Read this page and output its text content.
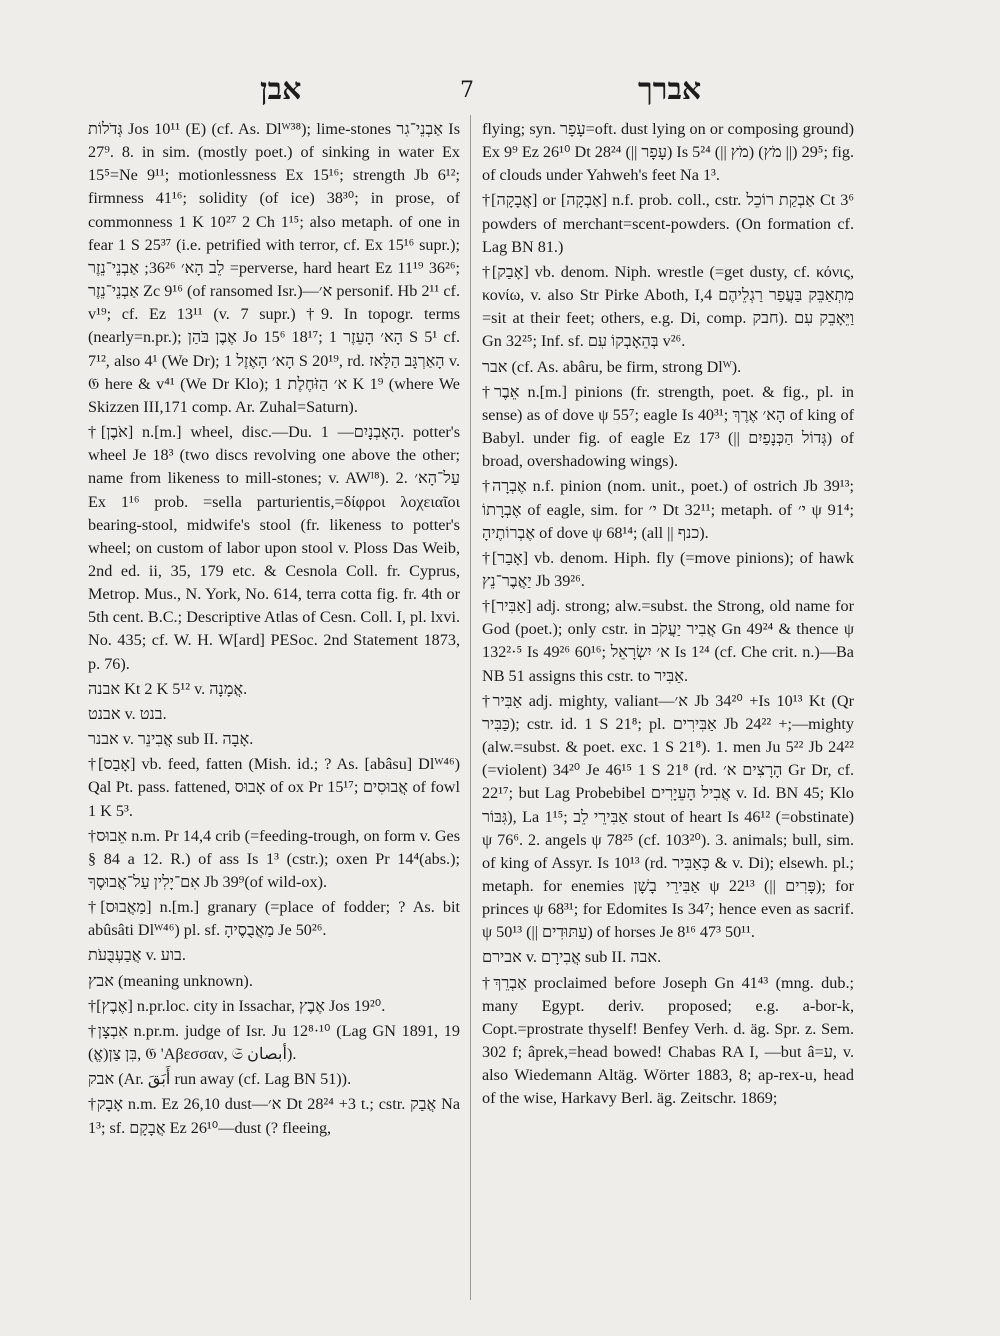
אבן	7	אברך

גְּדֹלוֹת Jos 10¹¹ (E) (cf. As. Dlᵂ³⁸); lime-stones אַבְנֵי־גִר Is 27⁹. 8. in sim. (mostly poet.) of sinking in water Ex 15⁵=Ne 9¹¹; motionlessness Ex 15¹⁶; strength Jb 6¹²; firmness 41¹⁶; solidity (of ice) 38³⁰; in prose, of commonness 1 K 10²⁷ 2 Ch 1¹⁵; also metaph. of one in fear 1 S 25³⁷ (i.e. petrified with terror, cf. Ex 15¹⁶ supr.); לֵב הָא׳ 36²⁶; אַבְנֵי־נֵזֶר =perverse, hard heart Ez 11¹⁹ 36²⁶; אַבְנֵי־נֵזֶר Zc 9¹⁶ (of ransomed Isr.)—א׳ personif. Hb 2¹¹ cf. v¹⁹; cf. Ez 13¹¹ (v. 7 supr.) †9. In topogr. terms (nearly=n.pr.); אֶבֶן בֹּהַן Jo 15⁶ 18¹⁷; הָא׳ הָעֵזֶר 1 S 5¹ cf. 7¹², also 4¹ (We Dr); הָא׳ הָאֶזֶל 1 S 20¹⁹, rd. הָאַרְגָּב הַלָּאז v. 𝔊 here & v⁴¹ (We Dr Klo); א׳ הַזֹּחֶלֶת 1 K 1⁹ (where We Skizzen III,171 comp. Ar. Zuhal=Saturn).

†[אֹבֶן] n.[m.] wheel, disc.—Du. הָאָבְנָיִם— 1. potter's wheel Je 18³ (two discs revolving one above the other; name from likeness to mill-stones; v. AWᴵ⁸). 2. עַל־הָא׳ Ex 1¹⁶ prob. =sella parturientis,=δίφροι λοχειαῖοι bearing-stool, midwife's stool (fr. likeness to potter's wheel; on custom of labor upon stool v. Ploss Das Weib, 2nd ed. ii, 35, 179 etc. & Cesnola Coll. fr. Cyprus, Metrop. Mus., N. York, No. 614, terra cotta fig. fr. 4th or 5th cent. B.C.; Descriptive Atlas of Cesn. Coll. I, pl. lxvi. No. 435; cf. W. H. W[ard] PESoc. 2nd Statement 1873, p. 76).

אבנה Kt 2 K 5¹² v. אֲמָנָה.

אבנט v. בנט.

אבנר v. אֲבִינֵר sub II. אָבָה.

†[אָבַס] vb. feed, fatten (Mish. id.; ? As. [abâsu] Dlᵂ⁴⁶) Qal Pt. pass. fattened, אָבוּס of ox Pr 15¹⁷; אֲבוּסִים of fowl 1 K 5³.

†אֵבוּס n.m. Pr 14,4 crib (=feeding-trough, on form v. Ges § 84 a 12. R.) of ass Is 1³ (cstr.); oxen Pr 14⁴(abs.); אִם־יָלִין עַל־אֲבוּסֶךָ Jb 39⁹(of wild-ox).

†[מַאֲבוּס] n.[m.] granary (=place of fodder; ? As. bit abûsâti Dlᵂ⁴⁶) pl. sf. מַאֲבֻסֶיהָ Je 50²⁶.

אֲבַעְבֻּעֹת v. בוע.

אבץ (meaning unknown).

†[אֶבֶץ] n.pr.loc. city in Issachar, אֶבֶץ Jos 19²⁰.

†אִבְצָן n.pr.m. judge of Isr. Ju 12⁸·¹⁰ (Lag GN 1891, 19 (אֱ)בִּן צַן, 𝔊 'Αβεσσαν, 𝔖 أبصان).

אבק (Ar. أَبَقَ run away (cf. Lag BN 51)).

†אָבָק n.m. Ez 26,10 dust—א׳ Dt 28²⁴ +3 t.; cstr. אֲבַק Na 1³; sf. אֲבָקָם Ez 26¹⁰—dust (? fleeing,

flying; syn. עָפָר=oft. dust lying on or composing ground) Ex 9⁹ Ez 26¹⁰ Dt 28²⁴ (|| עָפָר) Is 5²⁴ (|| מֹץ) 29⁵ (|| מֹץ); fig. of clouds under Yahweh's feet Na 1³.

†[אֲבָקָה] or [אַבְקָה] n.f. prob. coll., cstr. אַבְקַת רוֹכֵל Ct 3⁶ powders of merchant=scent-powders. (On formation cf. Lag BN 81.)

†[אָבַק] vb. denom. Niph. wrestle (=get dusty, cf. κόνις, κονίω, v. also Str Pirke Aboth, I,4 מִתְאַבֵּק בַּעֲפַר רַגְלֵיהֶם =sit at their feet; others, e.g. Di, comp. חבק). וַיֵּאָבֵק עִם Gn 32²⁵; Inf. sf. בְּהֵאָבְקוֹ עִם v²⁶.

אבר (cf. As. abâru, be firm, strong Dlᵂ).

†אֵבֶר n.[m.] pinions (fr. strength, poet. & fig., pl. in sense) as of dove ψ 55⁷; eagle Is 40³¹; הָא׳ אֶרֶךְ of king of Babyl. under fig. of eagle Ez 17³ (|| גְּדוֹל הַכְּנָפַיִם) of broad, overshadowing wings).

†אֶבְרָה n.f. pinion (nom. unit., poet.) of ostrich Jb 39¹³; אֶבְרָתוֹ of eagle, sim. for י׳ Dt 32¹¹; metaph. of י׳ ψ 91⁴; אֶבְרוֹתֶיהָ of dove ψ 68¹⁴; (all || כנף).

†[אָבַר] vb. denom. Hiph. fly (=move pinions); of hawk יַאֲבֶר־נֵץ Jb 39²⁶.

†[אַבִּיר] adj. strong; alw.=subst. the Strong, old name for God (poet.); only cstr. in אֲבִיר יַעֲקֹב Gn 49²⁴ & thence ψ 132²·⁵ Is 49²⁶ 60¹⁶; א׳ יִשְׂרָאֵל Is 1²⁴ (cf. Che crit. n.)—Ba NB 51 assigns this cstr. to אַבִּיר.

†אַבִּיר adj. mighty, valiant—א׳ Jb 34²⁰ +Is 10¹³ Kt (Qr כַּבִּיר); cstr. id. 1 S 21⁸; pl. אַבִּירִים Jb 24²² +;—mighty (alw.=subst. & poet. exc. 1 S 21⁸). 1. men Ju 5²² Jb 24²² (=violent) 34²⁰ Je 46¹⁵ 1 S 21⁸ (rd. הָרָצִים א׳ Gr Dr, cf. 22¹⁷; but Lag Probebibel אֲבִיל הָעֵיָרִים v. Id. BN 45; Klo גִּבּוֹר), La 1¹⁵; אַבִּירֵי לֵב stout of heart Is 46¹² (=obstinate) ψ 76⁶. 2. angels ψ 78²⁵ (cf. 103²⁰). 3. animals; bull, sim. of king of Assyr. Is 10¹³ (rd. כְּאַבִּיר & v. Di); elsewh. pl.; metaph. for enemies אַבִּירֵי בָשָׁן ψ 22¹³ (|| פָּרִים); for princes ψ 68³¹; for Edomites Is 34⁷; hence even as sacrif. ψ 50¹³ (|| עַתּוּדִים) of horses Je 8¹⁶ 47³ 50¹¹.

אבירם v. אֲבִירָם sub II. אבה.

†אַבְרֵךְ proclaimed before Joseph Gn 41⁴³ (mng. dub.; many Egypt. deriv. proposed; e.g. a-bor-k, Copt.=prostrate thyself! Benfey Verh. d. äg. Spr. z. Sem. 302 f; âprek,=head bowed! Chabas RA I, —but â=ע, v. also Wiedemann Altäg. Wörter 1883, 8; ap-rex-u, head of the wise, Harkavy Berl. äg. Zeitschr. 1869;
